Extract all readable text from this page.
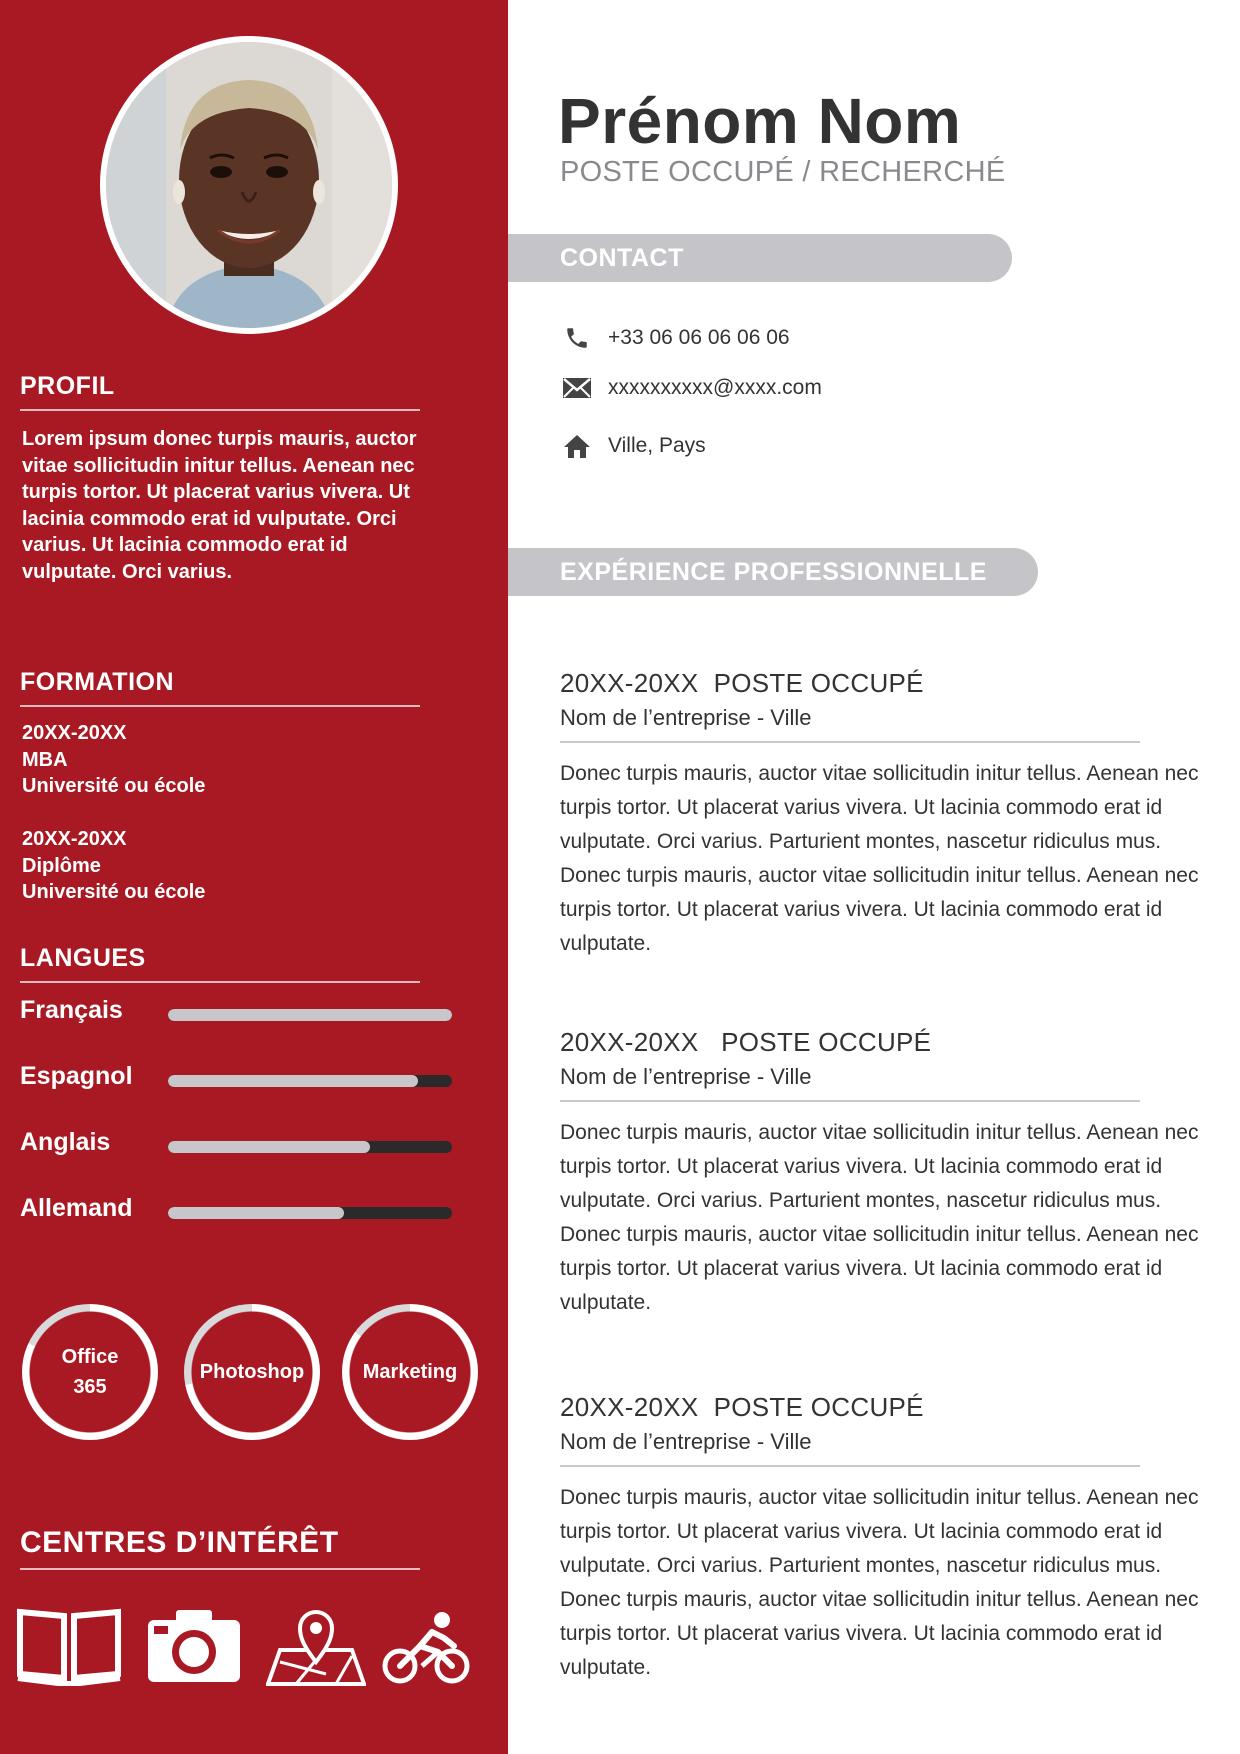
PROFIL
Lorem ipsum donec turpis mauris, auctor vitae sollicitudin initur tellus. Aenean nec turpis tortor. Ut placerat varius vivera. Ut lacinia commodo erat id vulputate. Orci varius. Ut lacinia commodo erat id vulputate. Orci varius.
FORMATION
20XX-20XX
MBA
Université ou école
20XX-20XX
Diplôme
Université ou école
LANGUES
Français
Espagnol
Anglais
Allemand
Office
365
Photoshop	Marketing
CENTRES D’INTÉRÊT
Prénom Nom
POSTE OCCUPÉ / RECHERCHÉ
CONTACT
+33 06 06 06 06 06
xxxxxxxxxx@xxxx.com
Ville, Pays
EXPÉRIENCE PROFESSIONNELLE
20XX-20XX  POSTE OCCUPÉ
Nom de l’entreprise - Ville
Donec turpis mauris, auctor vitae sollicitudin initur tellus. Aenean nec turpis tortor. Ut placerat varius vivera. Ut lacinia commodo erat id vulputate. Orci varius. Parturient montes, nascetur ridiculus mus. Donec turpis mauris, auctor vitae sollicitudin initur tellus. Aenean nec turpis tortor. Ut placerat varius vivera. Ut lacinia commodo erat id vulputate.
20XX-20XX   POSTE OCCUPÉ
Nom de l’entreprise - Ville
Donec turpis mauris, auctor vitae sollicitudin initur tellus. Aenean nec turpis tortor. Ut placerat varius vivera. Ut lacinia commodo erat id vulputate. Orci varius. Parturient montes, nascetur ridiculus mus. Donec turpis mauris, auctor vitae sollicitudin initur tellus. Aenean nec turpis tortor. Ut placerat varius vivera. Ut lacinia commodo erat id vulputate.
20XX-20XX  POSTE OCCUPÉ
Nom de l’entreprise - Ville
Donec turpis mauris, auctor vitae sollicitudin initur tellus. Aenean nec turpis tortor. Ut placerat varius vivera. Ut lacinia commodo erat id vulputate. Orci varius. Parturient montes, nascetur ridiculus mus. Donec turpis mauris, auctor vitae sollicitudin initur tellus. Aenean nec turpis tortor. Ut placerat varius vivera. Ut lacinia commodo erat id vulputate.
